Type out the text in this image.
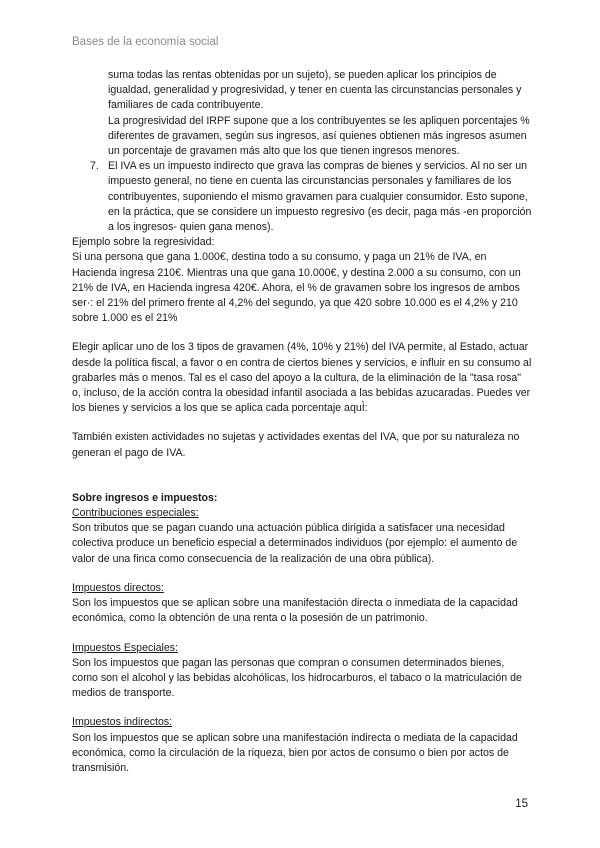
Bases de la economía social

suma todas las rentas obtenidas por un sujeto), se pueden aplicar los principios de igualdad, generalidad y progresividad, y tener en cuenta las circunstancias personales y familiares de cada contribuyente.

La progresividad del IRPF supone que a los contribuyentes se les apliquen porcentajes % diferentes de gravamen, según sus ingresos, así quienes obtienen más ingresos asumen un porcentaje de gravamen más alto que los que tienen ingresos menores.

7. El IVA es un impuesto indirecto que grava las compras de bienes y servicios. Al no ser un impuesto general, no tiene en cuenta las circunstancias personales y familiares de los contribuyentes, suponiendo el mismo gravamen para cualquier consumidor. Esto supone, en la práctica, que se considere un impuesto regresivo (es decir, paga más -en proporción a los ingresos- quien gana menos).

Ejemplo sobre la regresividad:

Si una persona que gana 1.000€, destina todo a su consumo, y paga un 21% de IVA, en Hacienda ingresa 210€. Mientras una que gana 10.000€, y destina 2.000 a su consumo, con un 21% de IVA, en Hacienda ingresa 420€. Ahora, el % de gravamen sobre los ingresos de ambos ser·: el 21% del primero frente al 4,2% del segundo, ya que 420 sobre 10.000 es el 4,2% y 210 sobre 1.000 es el 21%

Elegir aplicar uno de los 3 tipos de gravamen (4%, 10% y 21%) del IVA permite, al Estado, actuar desde la política fiscal, a favor o en contra de ciertos bienes y servicios, e influir en su consumo al grabarles más o menos. Tal es el caso del apoyo a la cultura, de la eliminación de la "tasa rosa" o, incluso, de la acción contra la obesidad infantil asociada a las bebidas azucaradas. Puedes ver los bienes y servicios a los que se aplica cada porcentaje aquÌ:

También existen actividades no sujetas y actividades exentas del IVA, que por su naturaleza no generan el pago de IVA.

Sobre ingresos e impuestos:

Contribuciones especiales:

Son tributos que se pagan cuando una actuación pública dirigida a satisfacer una necesidad colectiva produce un beneficio especial a determinados individuos (por ejemplo: el aumento de valor de una finca como consecuencia de la realización de una obra pública).

Impuestos directos:

Son los impuestos que se aplican sobre una manifestación directa o inmediata de la capacidad económica, como la obtención de una renta o la posesión de un patrimonio.

Impuestos Especiales:

Son los impuestos que pagan las personas que compran o consumen determinados bienes, como son el alcohol y las bebidas alcohólicas, los hidrocarburos, el tabaco o la matriculación de medios de transporte.

Impuestos indirectos:

Son los impuestos que se aplican sobre una manifestación indirecta o mediata de la capacidad económica, como la circulación de la riqueza, bien por actos de consumo o bien por actos de transmisión.

15
